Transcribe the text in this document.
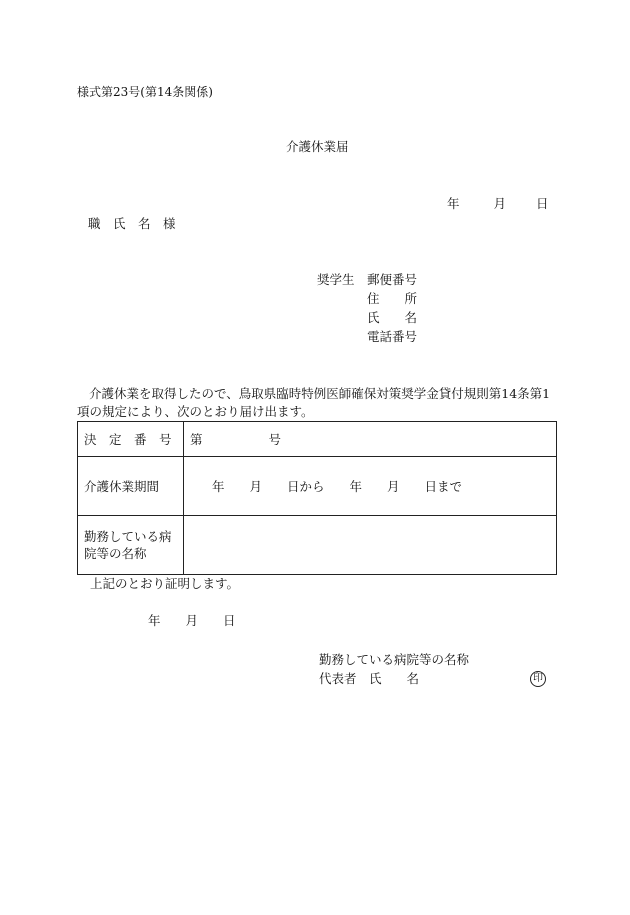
様式第23号(第14条関係)
介護休業届
年	月 日
職　氏　名　様
奨学生 郵便番号
住　　所
氏　　名
電話番号
介護休業を取得したので、鳥取県臨時特例医師確保対策奨学金貸付規則第14条第1項の規定により、次のとおり届け出ます。
決　定　番　号	第 号
介護休業期間	年　　月　　日から　　年　　月　　日まで
勤務している病院等の名称	
上記のとおり証明します。
年　　月　　日
勤務している病院等の名称
代表者　氏　　名	印
